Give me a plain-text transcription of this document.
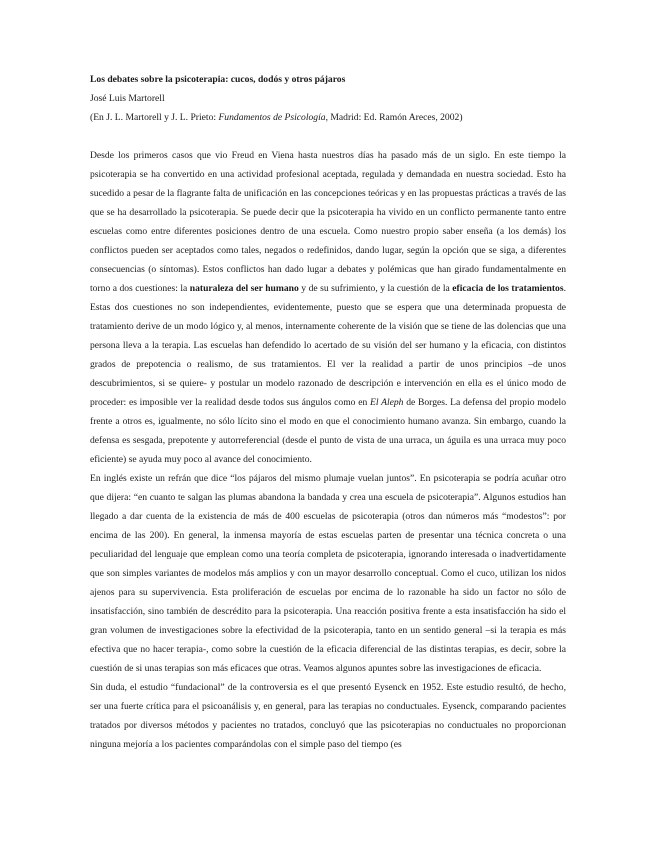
Los debates sobre la psicoterapia: cucos, dodós y otros pájaros

José Luis Martorell

(En J. L. Martorell y J. L. Prieto: Fundamentos de Psicología, Madrid: Ed. Ramón Areces, 2002)

Desde los primeros casos que vio Freud en Viena hasta nuestros días ha pasado más de un siglo. En este tiempo la psicoterapia se ha convertido en una actividad profesional aceptada, regulada y demandada en nuestra sociedad. Esto ha sucedido a pesar de la flagrante falta de unificación en las concepciones teóricas y en las propuestas prácticas a través de las que se ha desarrollado la psicoterapia. Se puede decir que la psicoterapia ha vivido en un conflicto permanente tanto entre escuelas como entre diferentes posiciones dentro de una escuela. Como nuestro propio saber enseña (a los demás) los conflictos pueden ser aceptados como tales, negados o redefinidos, dando lugar, según la opción que se siga, a diferentes consecuencias (o síntomas). Estos conflictos han dado lugar a debates y polémicas que han girado fundamentalmente en torno a dos cuestiones: la naturaleza del ser humano y de su sufrimiento, y la cuestión de la eficacia de los tratamientos. Estas dos cuestiones no son independientes, evidentemente, puesto que se espera que una determinada propuesta de tratamiento derive de un modo lógico y, al menos, internamente coherente de la visión que se tiene de las dolencias que una persona lleva a la terapia. Las escuelas han defendido lo acertado de su visión del ser humano y la eficacia, con distintos grados de prepotencia o realismo, de sus tratamientos. El ver la realidad a partir de unos principios –de unos descubrimientos, si se quiere- y postular un modelo razonado de descripción e intervención en ella es el único modo de proceder: es imposible ver la realidad desde todos sus ángulos como en El Aleph de Borges. La defensa del propio modelo frente a otros es, igualmente, no sólo lícito sino el modo en que el conocimiento humano avanza. Sin embargo, cuando la defensa es sesgada, prepotente y autorreferencial (desde el punto de vista de una urraca, un águila es una urraca muy poco eficiente) se ayuda muy poco al avance del conocimiento.

En inglés existe un refrán que dice “los pájaros del mismo plumaje vuelan juntos”. En psicoterapia se podría acuñar otro que dijera: “en cuanto te salgan las plumas abandona la bandada y crea una escuela de psicoterapia”. Algunos estudios han llegado a dar cuenta de la existencia de más de 400 escuelas de psicoterapia (otros dan números más “modestos”: por encima de las 200). En general, la inmensa mayoría de estas escuelas parten de presentar una técnica concreta o una peculiaridad del lenguaje que emplean como una teoría completa de psicoterapia, ignorando interesada o inadvertidamente que son simples variantes de modelos más amplios y con un mayor desarrollo conceptual. Como el cuco, utilizan los nidos ajenos para su supervivencia. Esta proliferación de escuelas por encima de lo razonable ha sido un factor no sólo de insatisfacción, sino también de descrédito para la psicoterapia. Una reacción positiva frente a esta insatisfacción ha sido el gran volumen de investigaciones sobre la efectividad de la psicoterapia, tanto en un sentido general –si la terapia es más efectiva que no hacer terapia-, como sobre la cuestión de la eficacia diferencial de las distintas terapias, es decir, sobre la cuestión de si unas terapias son más eficaces que otras. Veamos algunos apuntes sobre las investigaciones de eficacia.

Sin duda, el estudio “fundacional” de la controversia es el que presentó Eysenck en 1952. Este estudio resultó, de hecho, ser una fuerte crítica para el psicoanálisis y, en general, para las terapias no conductuales. Eysenck, comparando pacientes tratados por diversos métodos y pacientes no tratados, concluyó que las psicoterapias no conductuales no proporcionan ninguna mejoría a los pacientes comparándolas con el simple paso del tiempo (es
